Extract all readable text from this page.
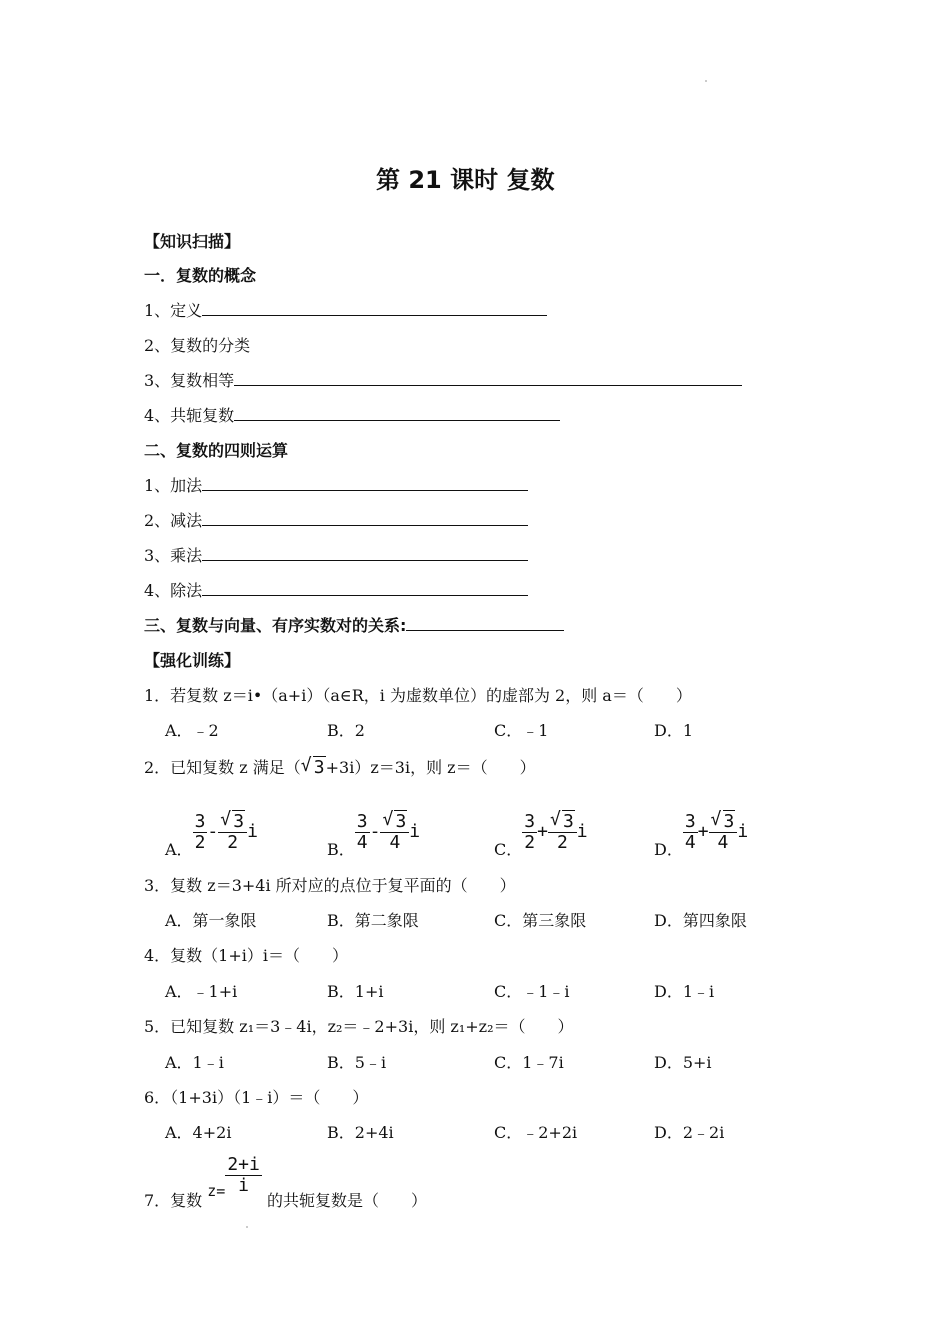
第 21 课时 复数
【知识扫描】
一．复数的概念
1、定义
2、复数的分类
3、复数相等
4、共轭复数
二、复数的四则运算
1、加法
2、减法
3、乘法
4、除法
三、复数与向量、有序实数对的关系:
【强化训练】
1．若复数 z＝i•（a+i）（a∈R，i 为虚数单位）的虚部为 2，则 a＝（　　）
A．﹣2	B．2	C．﹣1	D．1
2．已知复数 z 满足（ √ 3+3i）z＝3i，则 z＝（　　）
A． $\frac{3}{2} - \frac{√ 3}{2}$ i
B． $\frac{3}{4} - \frac{√ 3}{4}$ i
C． $\frac{3}{2} + \frac{√ 3}{2}$ i
D． $\frac{3}{4} + \frac{√ 3}{4}$ i
3．复数 z＝3+4i 所对应的点位于复平面的（　　）
A．第一象限	B．第二象限	C．第三象限	D．第四象限
4．复数（1+i）i＝（　　）
A．﹣1+i	B．1+i	C．﹣1﹣i	D．1﹣i
5．已知复数 z₁＝3﹣4i，z₂＝﹣2+3i，则 z₁+z₂＝（　　）
A．1﹣i	B．5﹣i	C．1﹣7i	D．5+i
6．（1+3i）（1﹣i）＝（　　）
A．4+2i	B．2+4i	C．﹣2+2i	D．2﹣2i
7．复数 $z= \frac{2+i}{i}$
的共轭复数是（　　）
